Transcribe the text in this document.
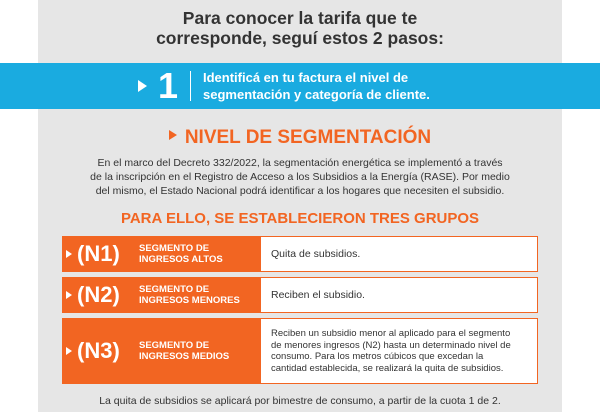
Para conocer la tarifa que te
corresponde, seguí estos 2 pasos:
1 Identificá en tu factura el nivel de
segmentación y categoría de cliente.
NIVEL DE SEGMENTACIÓN
En el marco del Decreto 332/2022, la segmentación energética se implementó a través
de la inscripción en el Registro de Acceso a los Subsidios a la Energía (RASE). Por medio
del mismo, el Estado Nacional podrá identificar a los hogares que necesiten el subsidio.
PARA ELLO, SE ESTABLECIERON TRES GRUPOS
(N1) SEGMENTO DE
INGRESOS ALTOS	Quita de subsidios.
(N2) SEGMENTO DE
INGRESOS MENORES	Reciben el subsidio.
(N3) SEGMENTO DE
INGRESOS MEDIOS
Reciben un subsidio menor al aplicado para el segmento
de menores ingresos (N2) hasta un determinado nivel de
consumo. Para los metros cúbicos que excedan la
cantidad establecida, se realizará la quita de subsidios.
La quita de subsidios se aplicará por bimestre de consumo, a partir de la cuota 1 de 2.
